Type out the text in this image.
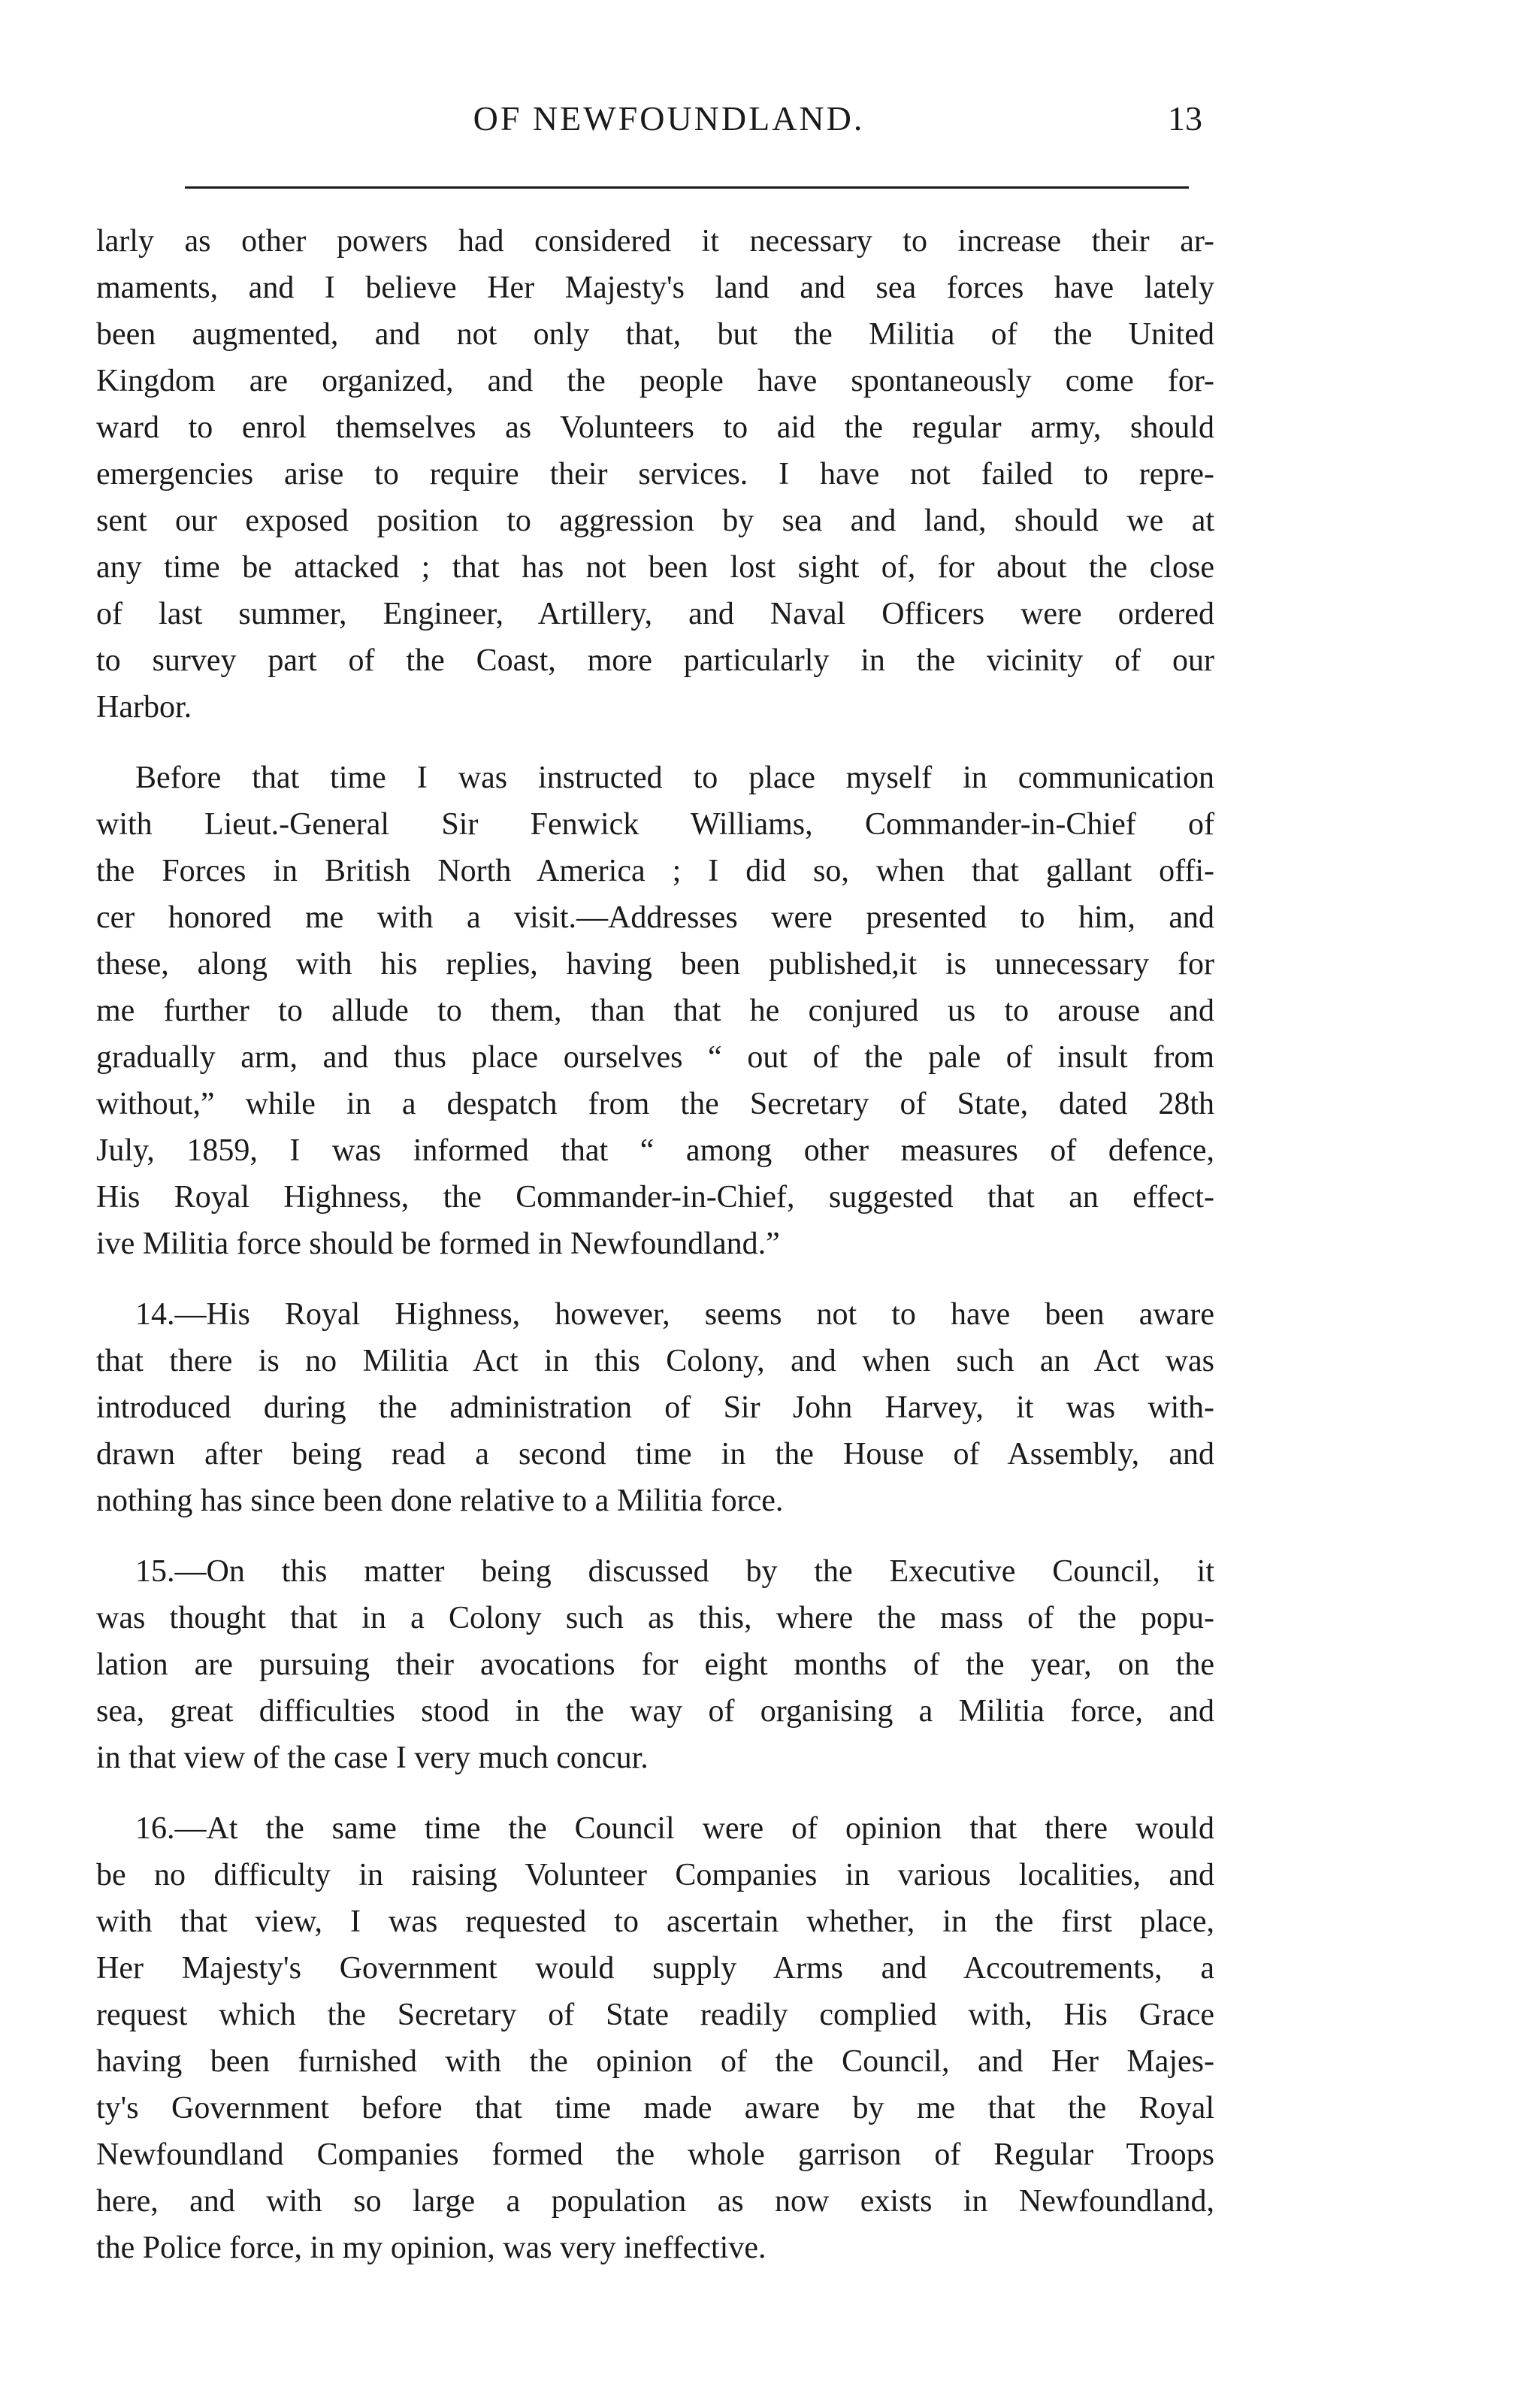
OF NEWFOUNDLAND.	13
larly as other powers had considered it necessary to increase their ar-
maments, and I believe Her Majesty's land and sea forces have lately
been augmented, and not only that, but the Militia of the United
Kingdom are organized, and the people have spontaneously come for-
ward to enrol themselves as Volunteers to aid the regular army, should
emergencies arise to require their services. I have not failed to repre-
sent our exposed position to aggression by sea and land, should we at
any time be attacked ; that has not been lost sight of, for about the close
of last summer, Engineer, Artillery, and Naval Officers were ordered
to survey part of the Coast, more particularly in the vicinity of our
Harbor.
Before that time I was instructed to place myself in communication
with Lieut.-General Sir Fenwick Williams, Commander-in-Chief of
the Forces in British North America ; I did so, when that gallant offi-
cer honored me with a visit.—Addresses were presented to him, and
these, along with his replies, having been published,it is unnecessary for
me further to allude to them, than that he conjured us to arouse and
gradually arm, and thus place ourselves “ out of the pale of insult from
without,” while in a despatch from the Secretary of State, dated 28th
July, 1859, I was informed that “ among other measures of defence,
His Royal Highness, the Commander-in-Chief, suggested that an effect-
ive Militia force should be formed in Newfoundland.”
14.—His Royal Highness, however, seems not to have been aware
that there is no Militia Act in this Colony, and when such an Act was
introduced during the administration of Sir John Harvey, it was with-
drawn after being read a second time in the House of Assembly, and
nothing has since been done relative to a Militia force.
15.—On this matter being discussed by the Executive Council, it
was thought that in a Colony such as this, where the mass of the popu-
lation are pursuing their avocations for eight months of the year, on the
sea, great difficulties stood in the way of organising a Militia force, and
in that view of the case I very much concur.
16.—At the same time the Council were of opinion that there would
be no difficulty in raising Volunteer Companies in various localities, and
with that view, I was requested to ascertain whether, in the first place,
Her Majesty's Government would supply Arms and Accoutrements, a
request which the Secretary of State readily complied with, His Grace
having been furnished with the opinion of the Council, and Her Majes-
ty's Government before that time made aware by me that the Royal
Newfoundland Companies formed the whole garrison of Regular Troops
here, and with so large a population as now exists in Newfoundland,
the Police force, in my opinion, was very ineffective.
